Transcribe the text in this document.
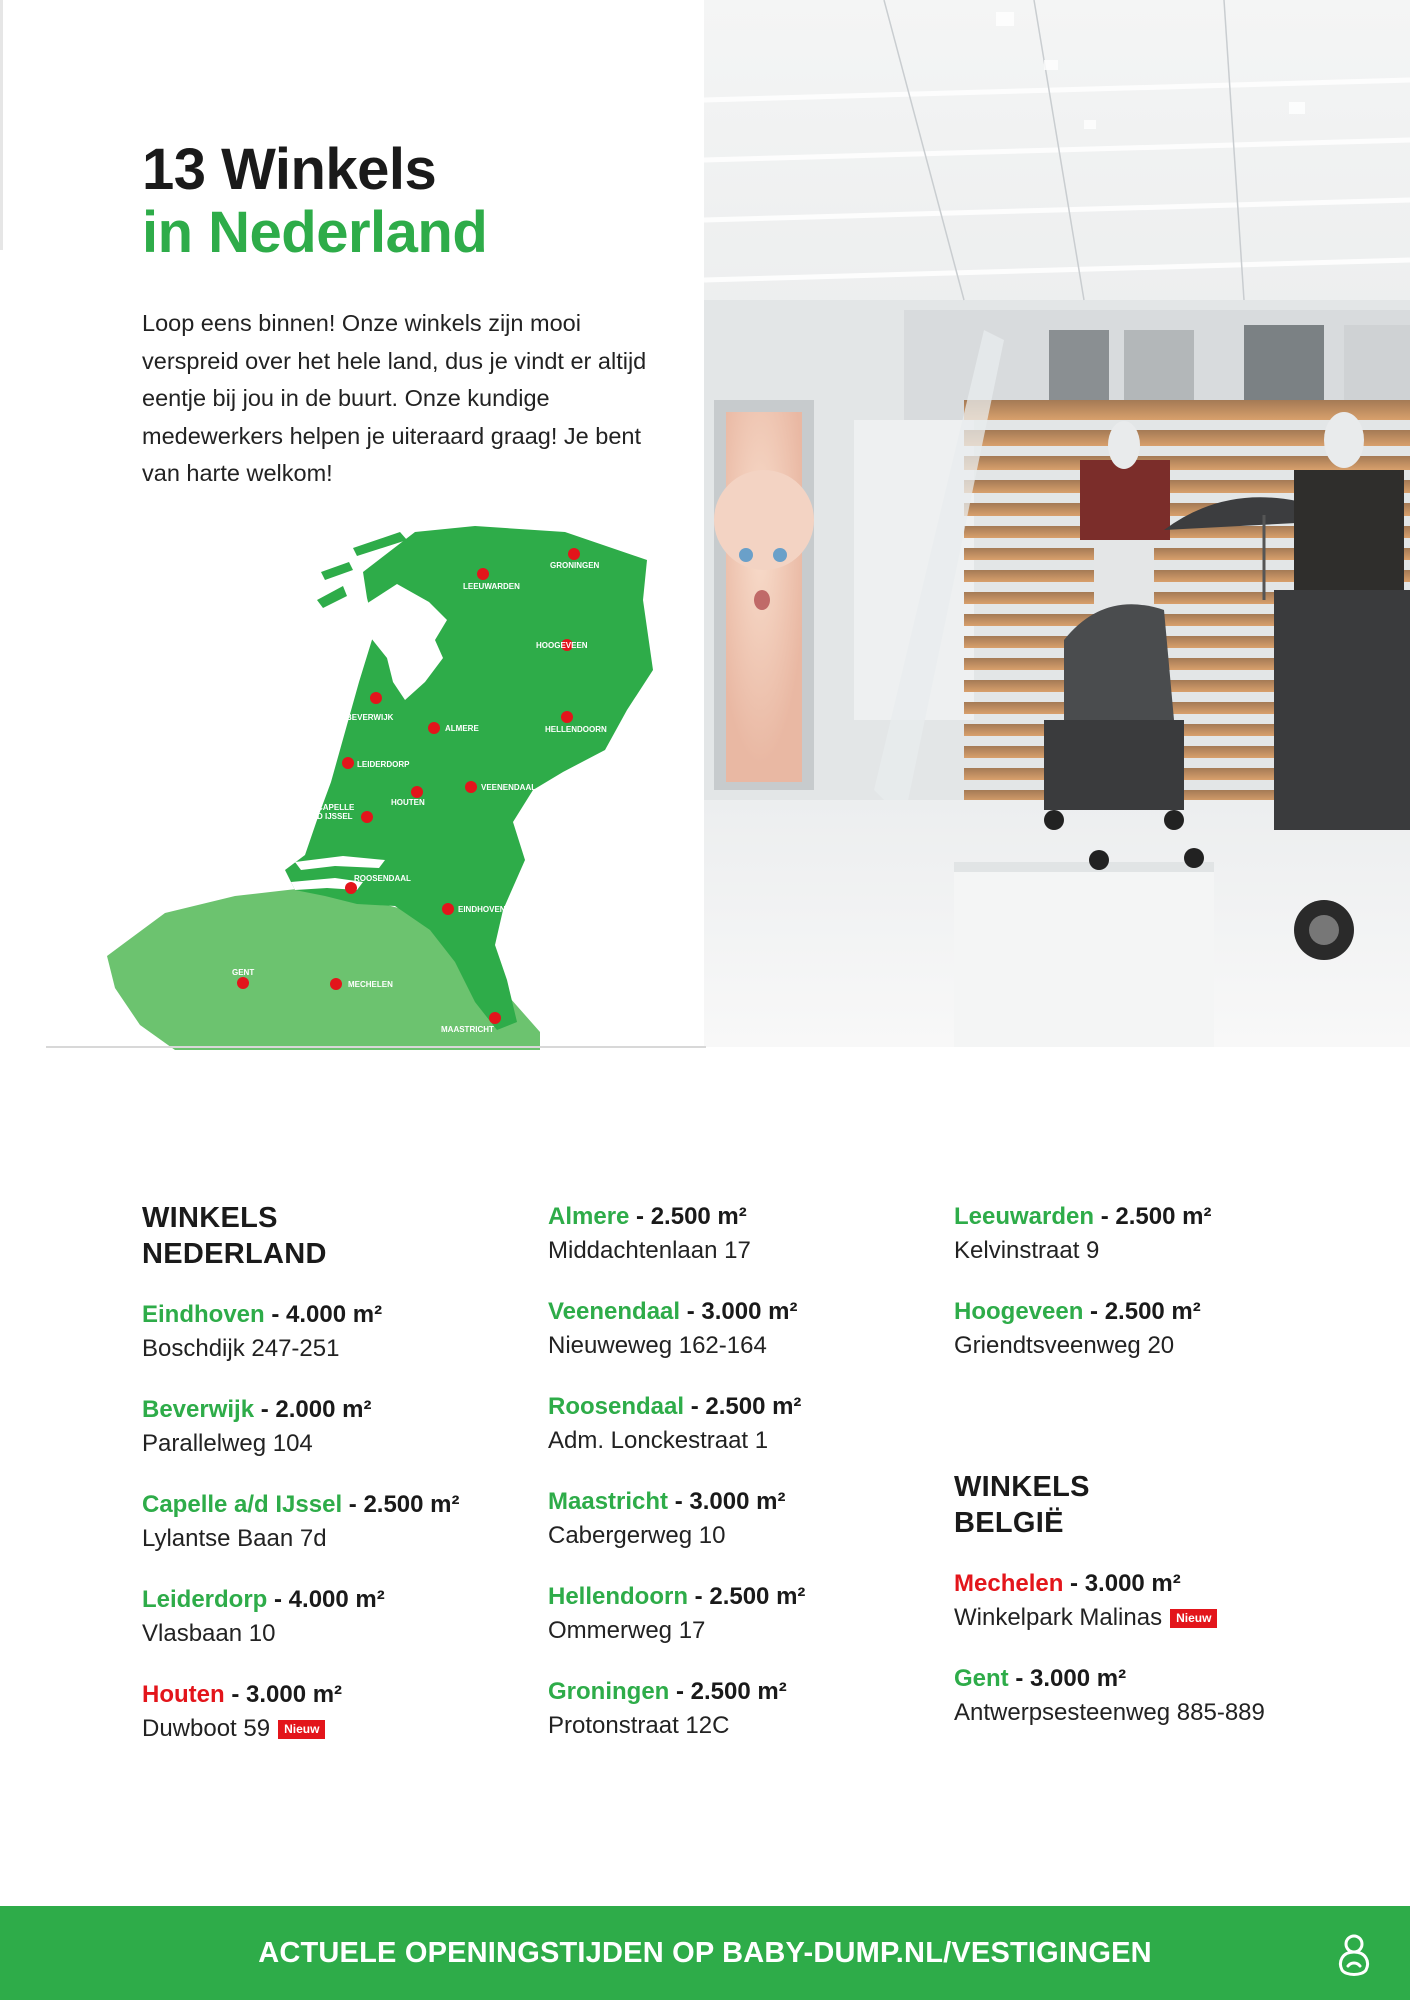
13 Winkels
in Nederland

Loop eens binnen! Onze winkels zijn mooi verspreid over het hele land, dus je vindt er altijd eentje bij jou in de buurt. Onze kundige medewerkers helpen je uiteraard graag! Je bent van harte welkom!

GRONINGEN
LEEUWARDEN
HOOGEVEEN
BEVERWIJK
ALMERE	HELLENDOORN
LEIDERDORP
VEENENDAAL
HOUTEN
CAPELLE
A/D IJSSEL
ROOSENDAAL
EINDHOVEN
GENT
MECHELEN
MAASTRICHT
WINKELS
NEDERLAND
Eindhoven - 4.000 m²
Boschdijk 247-251
Beverwijk - 2.000 m²
Parallelweg 104
Capelle a/d IJssel - 2.500 m²
Lylantse Baan 7d
Leiderdorp - 4.000 m²
Vlasbaan 10
Houten - 3.000 m²
Duwboot 59 Nieuw
Almere - 2.500 m²
Middachtenlaan 17
Veenendaal - 3.000 m²
Nieuweweg 162-164
Roosendaal - 2.500 m²
Adm. Lonckestraat 1
Maastricht - 3.000 m²
Cabergerweg 10
Hellendoorn - 2.500 m²
Ommerweg 17
Groningen - 2.500 m²
Protonstraat 12C
Leeuwarden - 2.500 m²
Kelvinstraat 9
Hoogeveen - 2.500 m²
Griendtsveenweg 20
WINKELS
BELGIË
Mechelen - 3.000 m²
Winkelpark Malinas Nieuw
Gent - 3.000 m²
Antwerpsesteenweg 885-889
ACTUELE OPENINGSTIJDEN OP BABY-DUMP.NL/VESTIGINGEN
